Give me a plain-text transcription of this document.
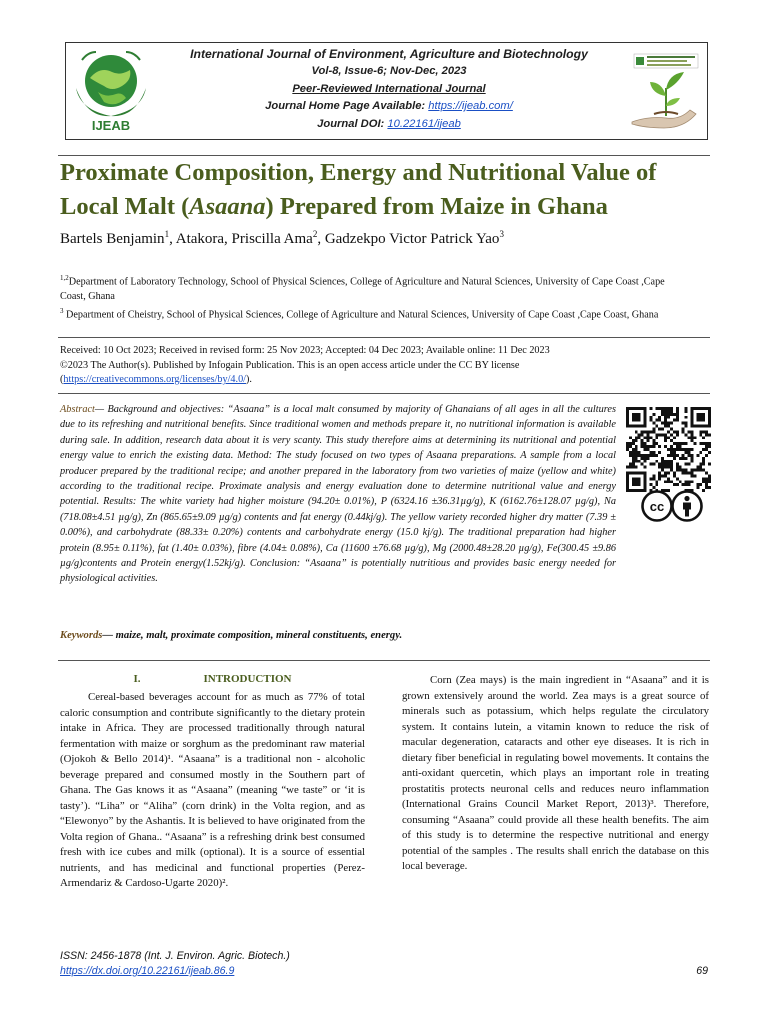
IJEAB
International Journal of Environment, Agriculture and Biotechnology
Vol-8, Issue-6; Nov-Dec, 2023
Peer-Reviewed International Journal
Journal Home Page Available: https://ijeab.com/
Journal DOI: 10.22161/ijeab
Proximate Composition, Energy and Nutritional Value of
Local Malt (Asaana) Prepared from Maize in Ghana
Bartels Benjamin$^1$, Atakora, Priscilla Ama$^2$, Gadzekpo Victor Patrick Yao$^3$

$^{1,2}$Department of Laboratory Technology, School of Physical Sciences, College of Agriculture and Natural Sciences, University of Cape Coast ,Cape Coast, Ghana

$^3$ Department of Cheistry, School of Physical Sciences, College of Agriculture and Natural Sciences, University of Cape Coast ,Cape Coast, Ghana

Received: 10 Oct 2023; Received in revised form: 25 Nov 2023; Accepted: 04 Dec 2023; Available online: 11 Dec 2023

©2023 The Author(s). Published by Infogain Publication. This is an open access article under the CC BY license

(https://creativecommons.org/licenses/by/4.0/).

Abstract— Background and objectives: “Asaana” is a local malt consumed by majority of Ghanaians of all ages in all the cultures due to its refreshing and nutritional benefits. Since traditional women and methods prepare it, no nutritional information is available during sale. In addition, research data about it is very scanty. This study therefore aims at determining its nutritional and potential energy value to enrich the existing data. Method: The study focused on two types of Asaana preparations. A sample from a local producer prepared by the traditional recipe; and another prepared in the laboratory from two varieties of maize (yellow and white) according to the traditional recipe. Proximate analysis and energy evaluation done to determine nutritional value and energy potential. Results: The white variety had higher moisture (94.20± 0.01%), P (6324.16 ±36.31µg/g), K (6162.76±128.07 µg/g), Na (718.08±4.51 µg/g), Zn (865.65±9.09 µg/g) contents and fat energy (0.44kj/g). The yellow variety recorded higher dry matter (7.39 ± 0.00%), and carbohydrate (88.33± 0.20%) contents and carbohydrate energy (15.0 kj/g). The traditional preparation had higher protein (8.95± 0.11%), fat (1.40± 0.03%), fibre (4.04± 0.08%), Ca (11600 ±76.68 µg/g), Mg (2000.48±28.20 µg/g), Fe(300.45 ±9.86 µg/g)contents and Protein energy(1.52kj/g). Conclusion: “Asaana” is potentially nutritious and provides basic energy needed for physiological activities.
cc
Keywords— maize, malt, proximate composition, mineral constituents, energy.
I.	INTRODUCTION

Cereal-based beverages account for as much as 77% of total caloric consumption and contribute significantly to the dietary protein intake in Africa. They are processed traditionally through natural fermentation with maize or sorghum as the predominant raw material (Ojokoh & Bello 2014)¹. “Asaana” is a traditional non - alcoholic beverage prepared and consumed mostly in the Southern part of Ghana. The Gas knows it as “Asaana” (meaning “we taste” or ‘it is tasty’). “Liha” or “Aliha” (corn drink) in the Volta region, and as “Elewonyo” by the Ashantis. It is believed to have originated from the Volta region of Ghana.. “Asaana” is a refreshing drink best consumed fresh with ice cubes and milk (optional). It is a source of essential nutrients, and has medicinal and functional properties (Perez-Armendariz & Cardoso-Ugarte 2020)².

Corn (Zea mays) is the main ingredient in “Asaana” and it is grown extensively around the world. Zea mays is a great source of minerals such as potassium, which helps regulate the circulatory system. It contains lutein, a vitamin known to reduce the risk of macular degeneration, cataracts and other eye diseases. It is rich in dietary fiber beneficial in regulating bowel movements. It contains the anti-oxidant quercetin, which plays an important role in treating prostatitis protects neuronal cells and reduces neuro inflammation (International Grains Council Market Report, 2013)³. Therefore, consuming “Asaana” could provide all these health benefits. The aim of this study is to determine the respective nutritional and energy potential of the samples . The results shall enrich the database on this local beverage.

ISSN: 2456-1878 (Int. J. Environ. Agric. Biotech.)
https://dx.doi.org/10.22161/ijeab.86.9	69
